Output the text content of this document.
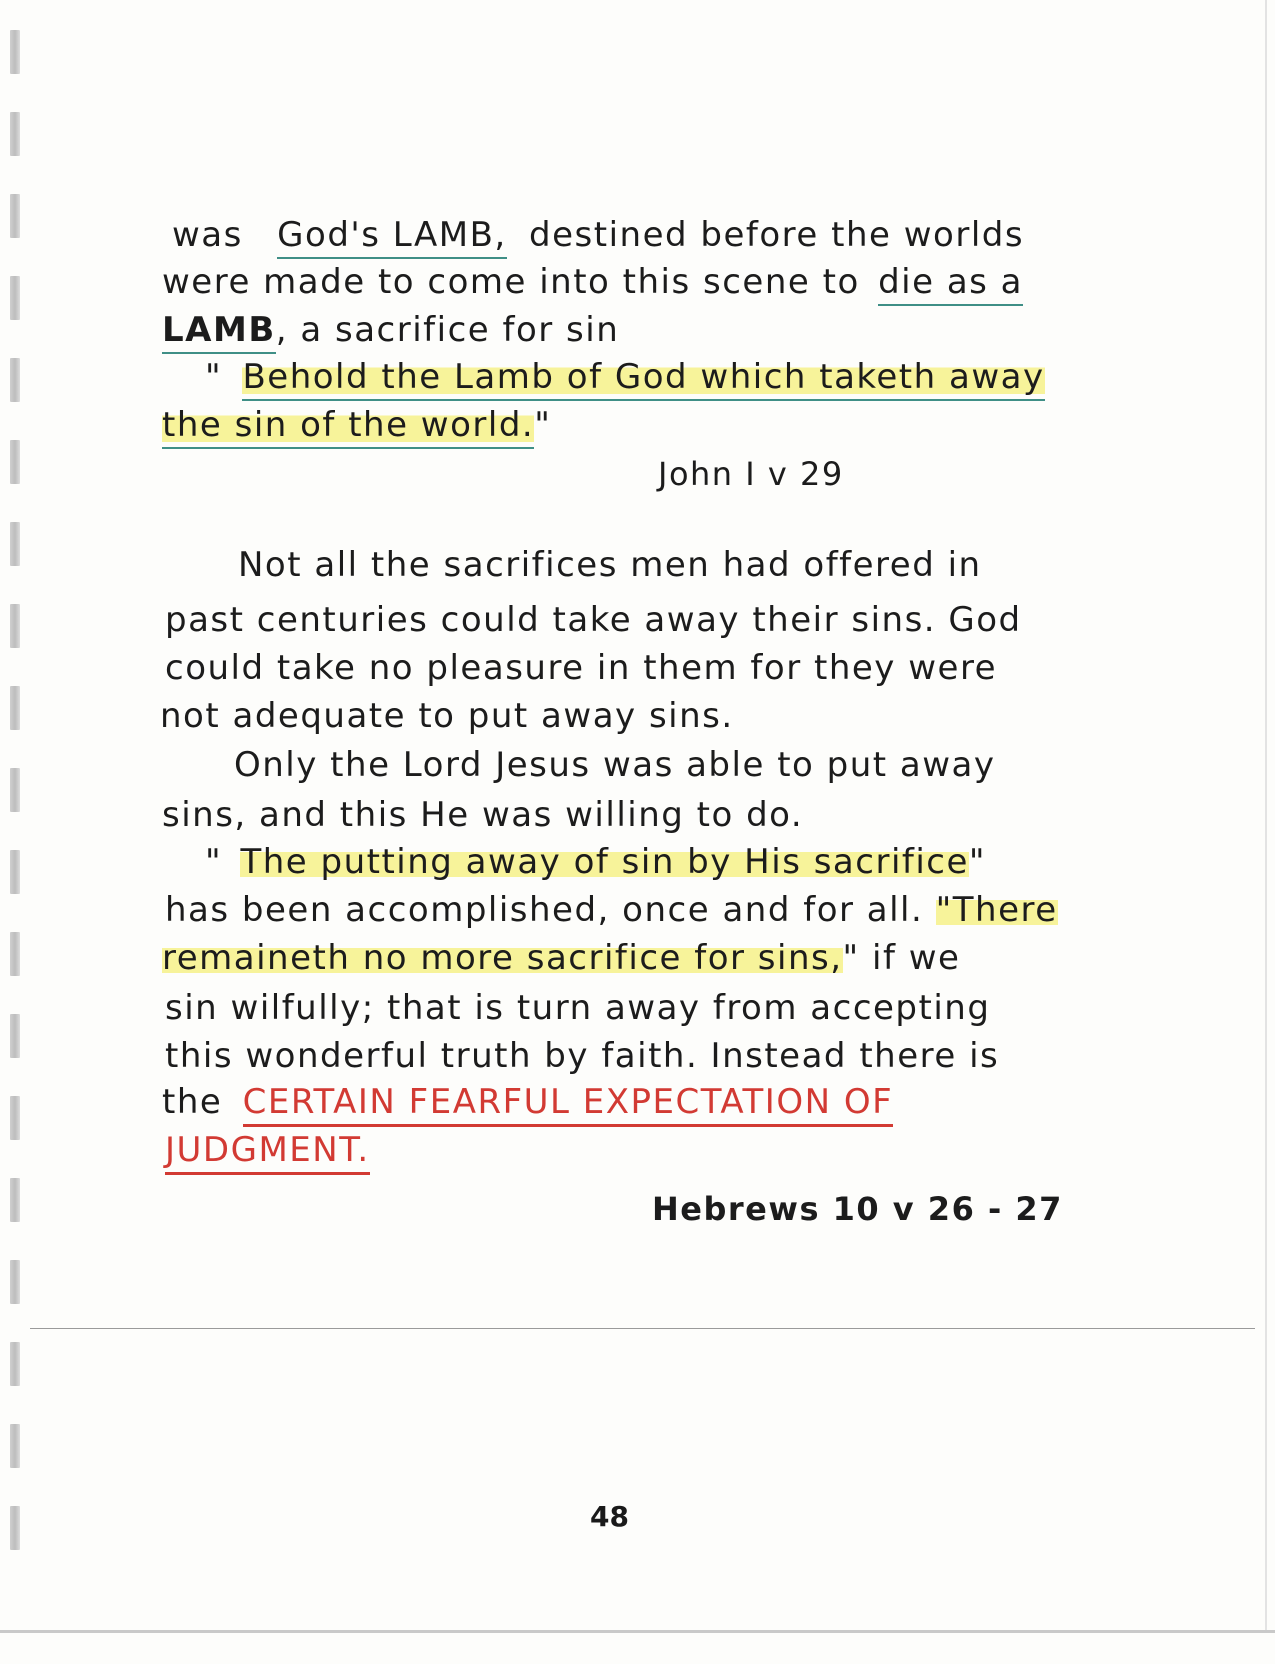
was God's LAMB, destined before the worlds
were made to come into this scene to die as a
LAMB, a sacrifice for sin
" Behold the Lamb of God which taketh away
the sin of the world."
John I v 29
Not all the sacrifices men had offered in
past centuries could take away their sins. God
could take no pleasure in them for they were
not adequate to put away sins.
Only the Lord Jesus was able to put away
sins, and this He was willing to do.
" The putting away of sin by His sacrifice"
has been accomplished, once and for all. "There
remaineth no more sacrifice for sins," if we
sin wilfully; that is turn away from accepting
this wonderful truth by faith. Instead there is
the CERTAIN FEARFUL EXPECTATION OF
JUDGMENT.
Hebrews 10 v 26 - 27
48
